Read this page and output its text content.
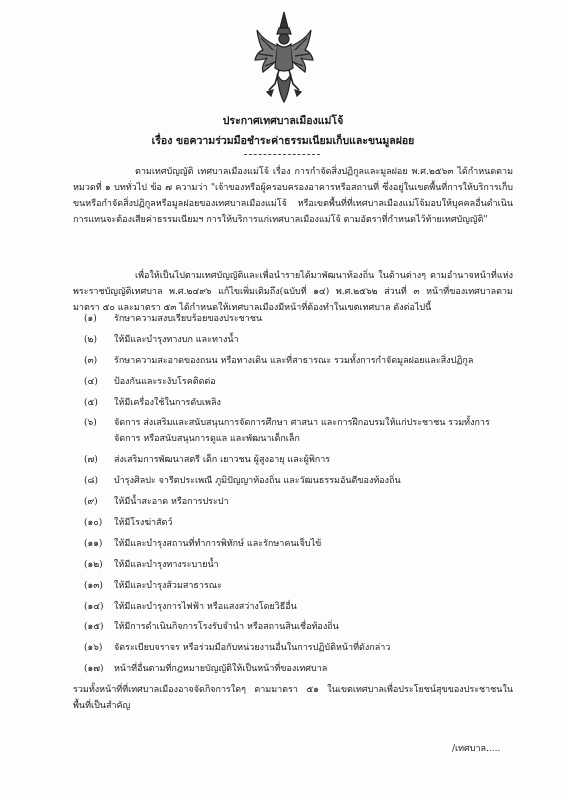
ประกาศเทศบาลเมืองแม่โจ้
เรื่อง ขอความร่วมมือชำระค่าธรรมเนียมเก็บและขนมูลฝอย
ตามเทศบัญญัติ เทศบาลเมืองแม่โจ้ เรื่อง การกำจัดสิ่งปฏิกูลและมูลฝอย พ.ศ.๒๕๖๓ ได้กำหนดตามหมวดที่ ๑ บททั่วไป ข้อ ๗ ความว่า "เจ้าของหรือผู้ครอบครองอาคารหรือสถานที่ ซึ่งอยู่ในเขตพื้นที่การให้บริการเก็บ ขนหรือกำจัดสิ่งปฏิกูลหรือมูลฝอยของเทศบาลเมืองแม่โจ้ หรือเขตพื้นที่ที่เทศบาลเมืองแม่โจ้มอบให้บุคคลอื่นดำเนินการแทนจะต้องเสียค่าธรรมเนียมฯ การให้บริการแก่เทศบาลเมืองแม่โจ้ ตามอัตราที่กำหนดไว้ท้ายเทศบัญญัติ"
เพื่อให้เป็นไปตามเทศบัญญัติและเพื่อนำรายได้มาพัฒนาท้องถิ่น ในด้านต่างๆ ตามอำนาจหน้าที่แห่งพระราชบัญญัติเทศบาล พ.ศ.๒๔๙๖ แก้ไขเพิ่มเติมถึง(ฉบับที่ ๑๔) พ.ศ.๒๕๖๒ ส่วนที่ ๓ หน้าที่ของเทศบาลตามมาตรา ๕๐ และมาตรา ๕๓ ได้กำหนดให้เทศบาลเมืองมีหน้าที่ต้องทำในเขตเทศบาล ดังต่อไปนี้
(๑)	รักษาความสงบเรียบร้อยของประชาชน
(๒)	ให้มีและบำรุงทางบก และทางน้ำ
(๓)	รักษาความสะอาดของถนน หรือทางเดิน และที่สาธารณะ รวมทั้งการกำจัดมูลฝอยและสิ่งปฏิกูล
(๔)	ป้องกันและระงับโรคติดต่อ
(๕)	ให้มีเครื่องใช้ในการดับเพลิง
(๖)	จัดการ ส่งเสริมและสนับสนุนการจัดการศึกษา ศาสนา และการฝึกอบรมให้แก่ประชาชน รวมทั้งการจัดการ หรือสนับสนุนการดูแล และพัฒนาเด็กเล็ก
(๗)	ส่งเสริมการพัฒนาสตรี เด็ก เยาวชน ผู้สูงอายุ และผู้พิการ
(๘)	บำรุงศิลปะ จารีตประเพณี ภูมิปัญญาท้องถิ่น และวัฒนธรรมอันดีของท้องถิ่น
(๙)	ให้มีน้ำสะอาด หรือการประปา
(๑๐)	ให้มีโรงฆ่าสัตว์
(๑๑)	ให้มีและบำรุงสถานที่ทำการพิทักษ์ และรักษาคนเจ็บไข้
(๑๒)	ให้มีและบำรุงทางระบายน้ำ
(๑๓)	ให้มีและบำรุงส้วมสาธารณะ
(๑๔)	ให้มีและบำรุงการไฟฟ้า หรือแสงสว่างโดยวิธีอื่น
(๑๕)	ให้มีการดำเนินกิจการโรงรับจำนำ หรือสถานสินเชื่อท้องถิ่น
(๑๖)	จัดระเบียบจราจร หรือร่วมมือกับหน่วยงานอื่นในการปฏิบัติหน้าที่ดังกล่าว
(๑๗)	หน้าที่อื่นตามที่กฎหมายบัญญัติให้เป็นหน้าที่ของเทศบาล
รวมทั้งหน้าที่ที่เทศบาลเมืองอาจจัดกิจการใดๆ ตามมาตรา ๕๑ ในเขตเทศบาลเพื่อประโยชน์สุขของประชาชนในพื้นที่เป็นสำคัญ
/เทศบาล.....
